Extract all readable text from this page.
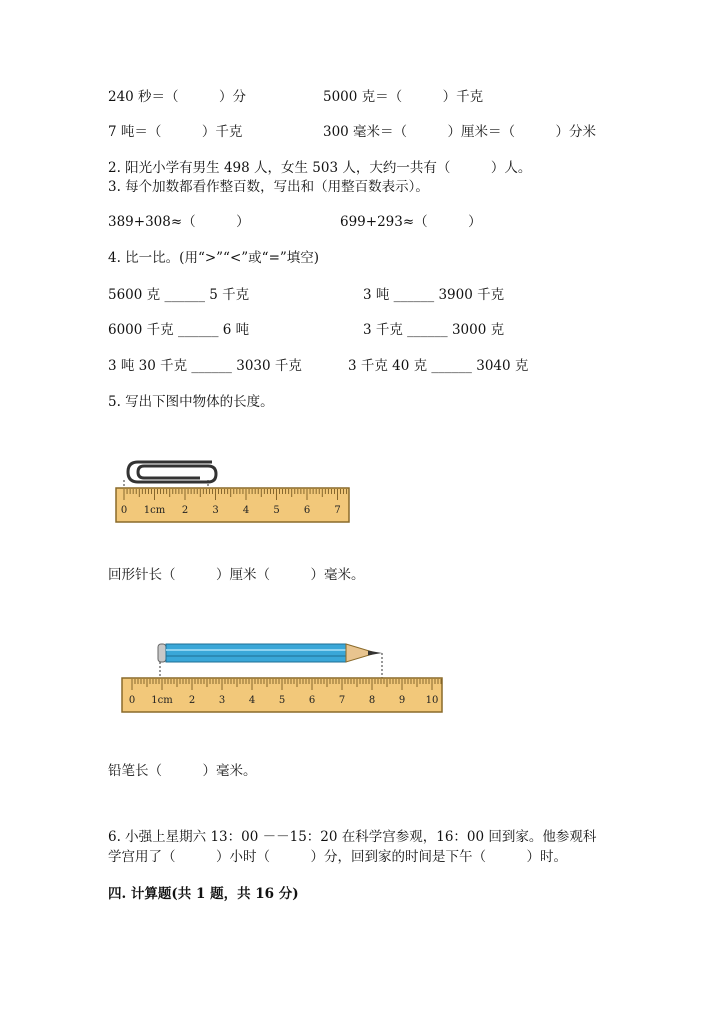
240 秒＝（　　　）分	5000 克＝（　　　）千克
7 吨＝（　　　）千克	300 毫米＝（　　　）厘米＝（　　　）分米
2. 阳光小学有男生 498 人，女生 503 人，大约一共有（　　　）人。
3. 每个加数都看作整百数，写出和（用整百数表示）。
389+308≈（　　　）	699+293≈（　　　）
4. 比一比。(用“>”“<”或“=”填空)
5600 克 ______ 5 千克	3 吨 ______ 3900 千克
6000 千克 ______ 6 吨	3 千克 ______ 3000 克
3 吨 30 千克 ______ 3030 千克	3 千克 40 克 ______ 3040 克
5. 写出下图中物体的长度。
0 1cm 2 3 4 5 6 7
回形针长（　　　）厘米（　　　）毫米。
0 1cm 2 3 4 5 6 7 8 9 10
铅笔长（　　　）毫米。
6. 小强上星期六 13：00 －－15：20 在科学宫参观，16：00 回到家。他参观科
学宫用了（　　　）小时（　　　）分，回到家的时间是下午（　　　）时。
四. 计算题(共 1 题，共 16 分)
